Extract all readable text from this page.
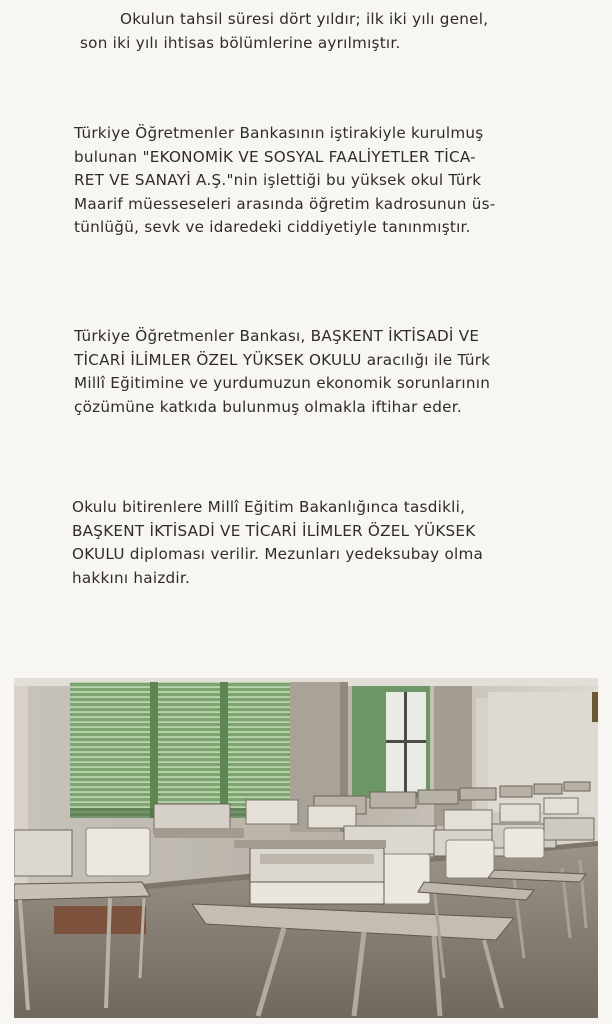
Okulun tahsil süresi dört yıldır; ilk iki yılı genel,
son iki yılı ihtisas bölümlerine ayrılmıştır.
Türkiye Öğretmenler Bankasının iştirakiyle kurulmuş
bulunan "EKONOMİK VE SOSYAL FAALİYETLER TİCA-
RET VE SANAYİ A.Ş."nin işlettiği bu yüksek okul Türk
Maarif müesseseleri arasında öğretim kadrosunun üs-
tünlüğü, sevk ve idaredeki ciddiyetiyle tanınmıştır.
Türkiye Öğretmenler Bankası, BAŞKENT İKTİSADİ VE
TİCARİ İLİMLER ÖZEL YÜKSEK OKULU aracılığı ile Türk
Millî Eğitimine ve yurdumuzun ekonomik sorunlarının
çözümüne katkıda bulunmuş olmakla iftihar eder.
Okulu bitirenlere Millî Eğitim Bakanlığınca tasdikli,
BAŞKENT İKTİSADİ VE TİCARİ İLİMLER ÖZEL YÜKSEK
OKULU diploması verilir. Mezunları yedeksubay olma
hakkını haizdir.
